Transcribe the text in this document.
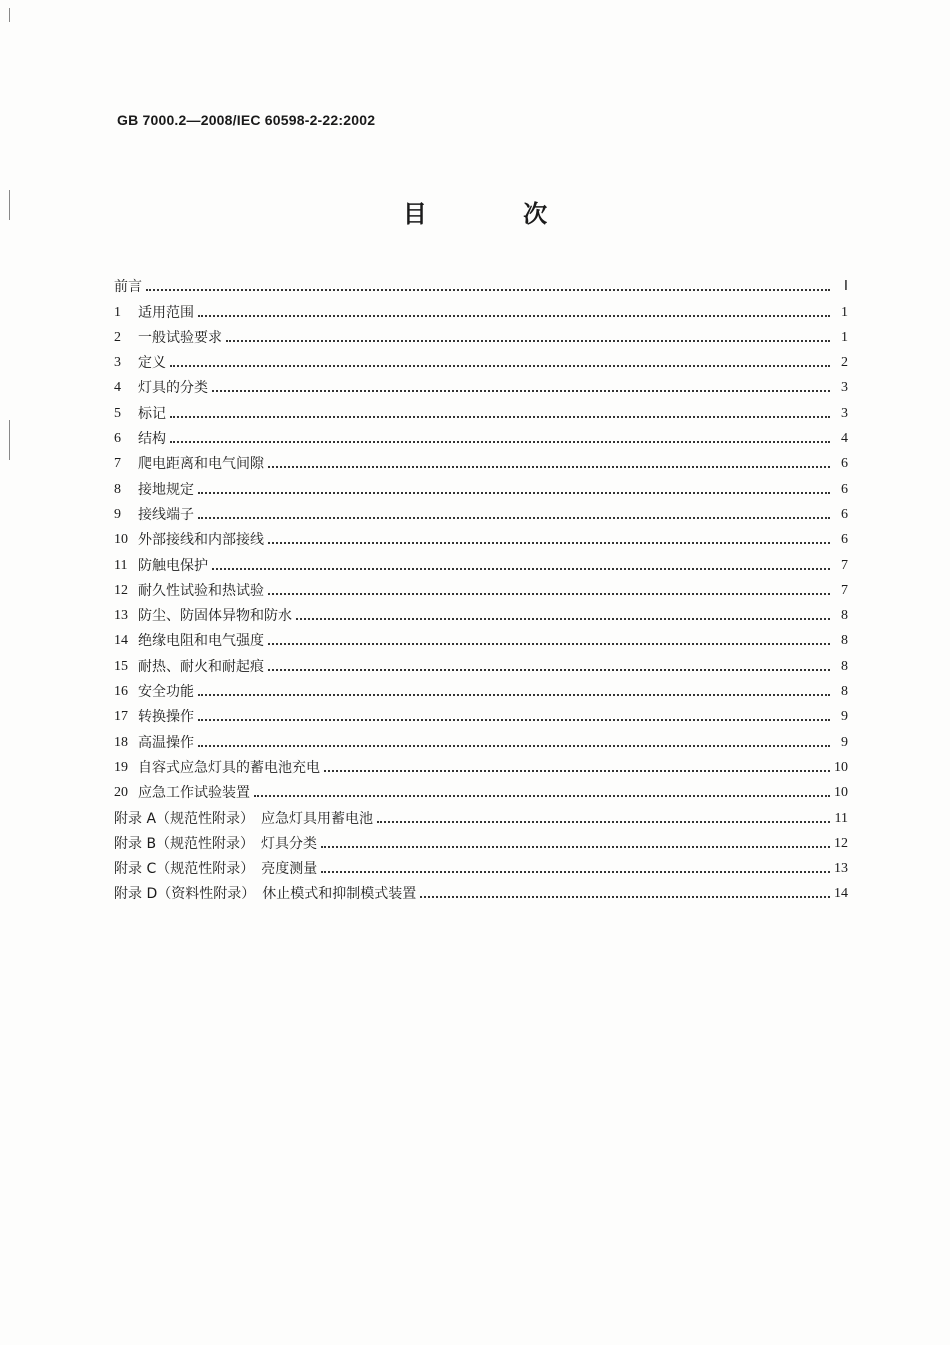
GB 7000.2—2008/IEC 60598-2-22:2002
目 次
前言	Ⅰ
1	适用范围	1
2	一般试验要求	1
3	定义	2
4	灯具的分类	3
5	标记	3
6	结构	4
7	爬电距离和电气间隙	6
8	接地规定	6
9	接线端子	6
10 外部接线和内部接线	6
11 防触电保护	7
12 耐久性试验和热试验	7
13 防尘、防固体异物和防水	8
14 绝缘电阻和电气强度	8
15 耐热、耐火和耐起痕	8
16 安全功能	8
17 转换操作	9
18 高温操作	9
19 自容式应急灯具的蓄电池充电	10
20 应急工作试验装置	10
附录 A（规范性附录）　应急灯具用蓄电池	11
附录 B（规范性附录）　灯具分类	12
附录 C（规范性附录）　亮度测量	13
附录 D（资料性附录）　休止模式和抑制模式装置	14
